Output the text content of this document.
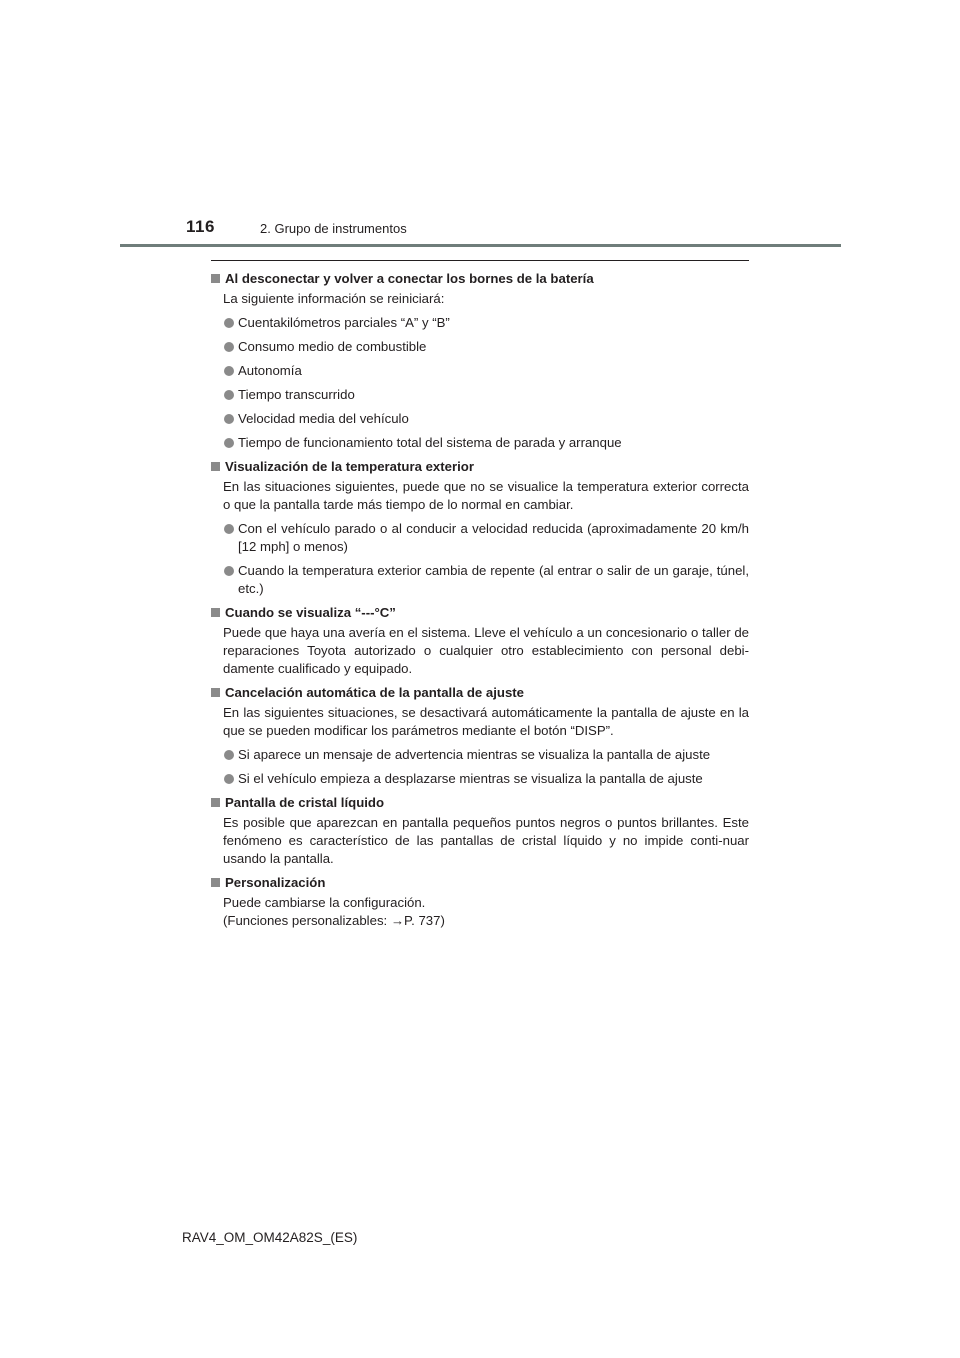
116	2. Grupo de instrumentos
Al desconectar y volver a conectar los bornes de la batería
La siguiente información se reiniciará:
Cuentakilómetros parciales “A” y “B”
Consumo medio de combustible
Autonomía
Tiempo transcurrido
Velocidad media del vehículo
Tiempo de funcionamiento total del sistema de parada y arranque
Visualización de la temperatura exterior
En las situaciones siguientes, puede que no se visualice la temperatura exterior correcta o que la pantalla tarde más tiempo de lo normal en cambiar.
Con el vehículo parado o al conducir a velocidad reducida (aproximadamente 20 km/h [12 mph] o menos)
Cuando la temperatura exterior cambia de repente (al entrar o salir de un garaje, túnel, etc.)
Cuando se visualiza “---°C”
Puede que haya una avería en el sistema. Lleve el vehículo a un concesionario o taller de reparaciones Toyota autorizado o cualquier otro establecimiento con personal debi-damente cualificado y equipado.
Cancelación automática de la pantalla de ajuste
En las siguientes situaciones, se desactivará automáticamente la pantalla de ajuste en la que se pueden modificar los parámetros mediante el botón “DISP”.
Si aparece un mensaje de advertencia mientras se visualiza la pantalla de ajuste
Si el vehículo empieza a desplazarse mientras se visualiza la pantalla de ajuste
Pantalla de cristal líquido
Es posible que aparezcan en pantalla pequeños puntos negros o puntos brillantes. Este fenómeno es característico de las pantallas de cristal líquido y no impide conti-nuar usando la pantalla.
Personalización
Puede cambiarse la configuración.
(Funciones personalizables: →P. 737)
RAV4_OM_OM42A82S_(ES)
